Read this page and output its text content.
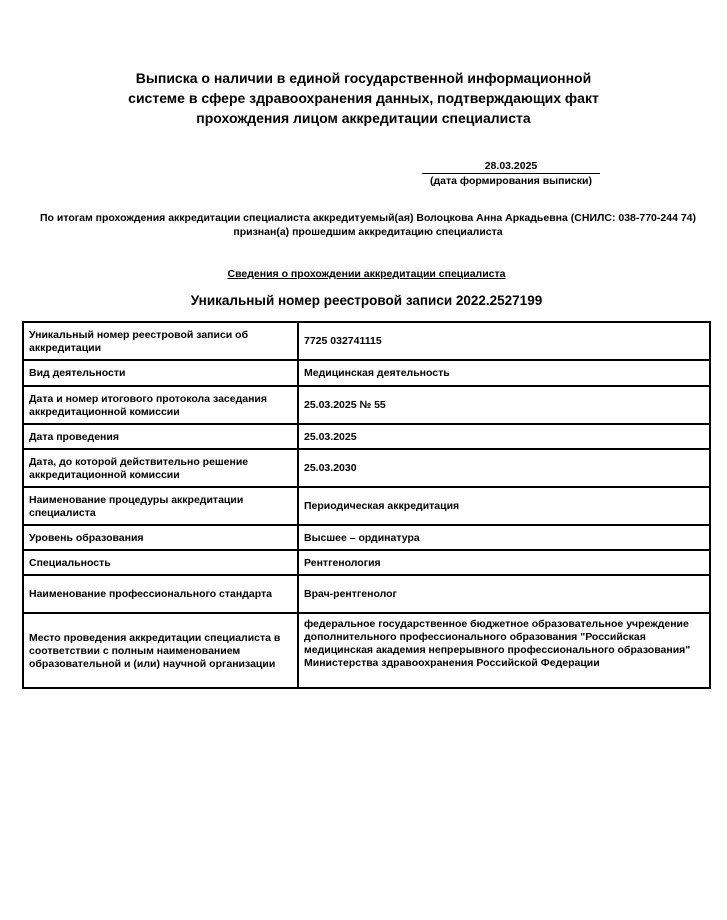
Выписка о наличии в единой государственной информационной
системе в сфере здравоохранения данных, подтверждающих факт
прохождения лицом аккредитации специалиста
28.03.2025
(дата формирования выписки)
По итогам прохождения аккредитации специалиста аккредитуемый(ая) Волоцкова Анна Аркадьевна (СНИЛС: 038-770-244 74) признан(а) прошедшим аккредитацию специалиста
Сведения о прохождении аккредитации специалиста
Уникальный номер реестровой записи 2022.2527199
Уникальный номер реестровой записи об аккредитации	7725 032741115
Вид деятельности	Медицинская деятельность
Дата и номер итогового протокола заседания аккредитационной комиссии	25.03.2025 № 55
Дата проведения	25.03.2025
Дата, до которой действительно решение аккредитационной комиссии	25.03.2030
Наименование процедуры аккредитации специалиста	Периодическая аккредитация
Уровень образования	Высшее – ординатура
Специальность	Рентгенология
Наименование профессионального стандарта	Врач-рентгенолог
Место проведения аккредитации специалиста в соответствии с полным наименованием образовательной и (или) научной организации	федеральное государственное бюджетное образовательное учреждение дополнительного профессионального образования "Российская медицинская академия непрерывного профессионального образования" Министерства здравоохранения Российской Федерации
